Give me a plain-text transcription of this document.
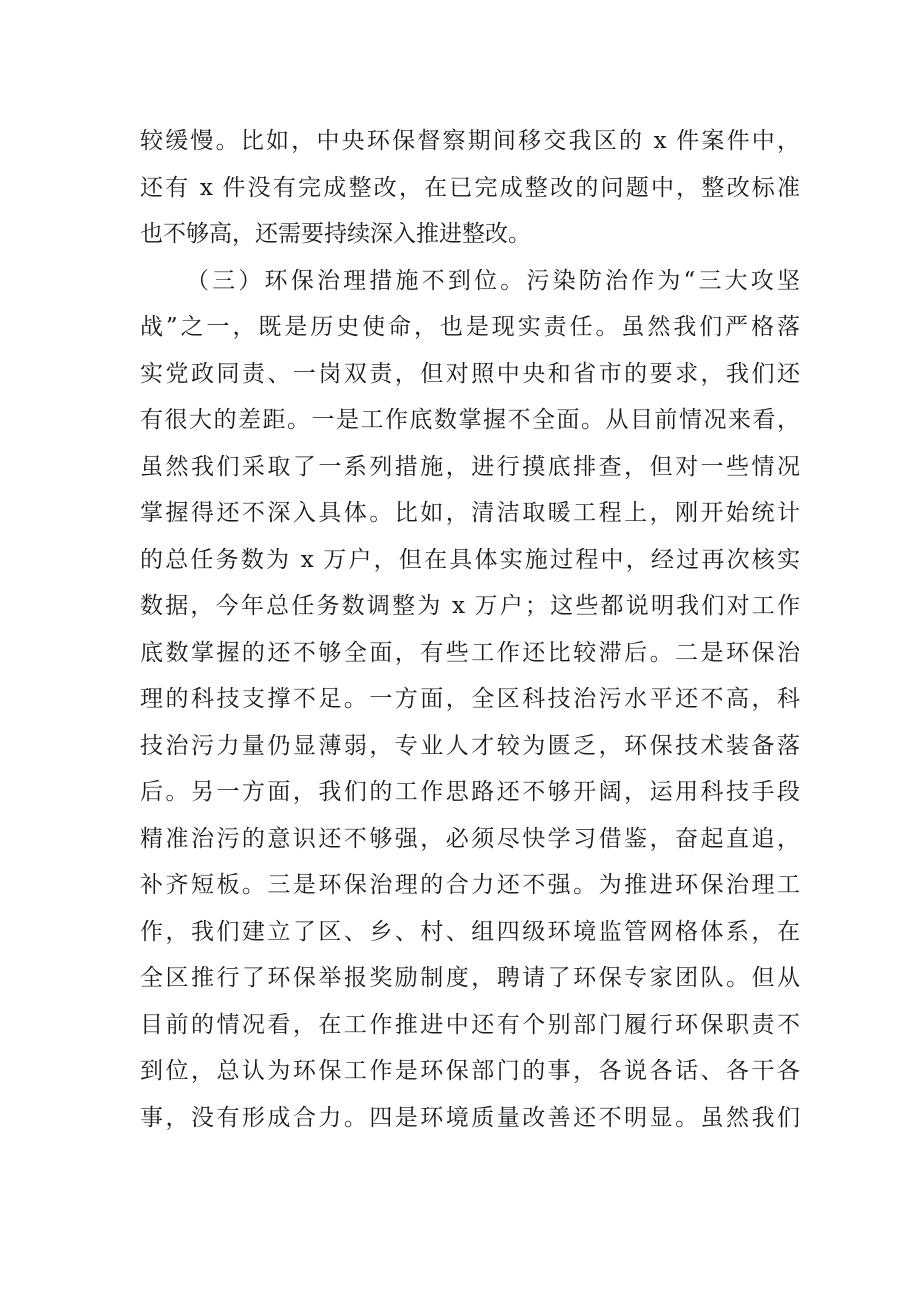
较缓慢。比如，中央环保督察期间移交我区的 x 件案件中，
还有 x 件没有完成整改，在已完成整改的问题中，整改标准
也不够高，还需要持续深入推进整改。
（三）环保治理措施不到位。污染防治作为“三大攻坚
战”之一，既是历史使命，也是现实责任。虽然我们严格落
实党政同责、一岗双责，但对照中央和省市的要求，我们还
有很大的差距。一是工作底数掌握不全面。从目前情况来看，
虽然我们采取了一系列措施，进行摸底排查，但对一些情况
掌握得还不深入具体。比如，清洁取暖工程上，刚开始统计
的总任务数为 x 万户，但在具体实施过程中，经过再次核实
数据，今年总任务数调整为 x 万户；这些都说明我们对工作
底数掌握的还不够全面，有些工作还比较滞后。二是环保治
理的科技支撑不足。一方面，全区科技治污水平还不高，科
技治污力量仍显薄弱，专业人才较为匮乏，环保技术装备落
后。另一方面，我们的工作思路还不够开阔，运用科技手段
精准治污的意识还不够强，必须尽快学习借鉴，奋起直追，
补齐短板。三是环保治理的合力还不强。为推进环保治理工
作，我们建立了区、乡、村、组四级环境监管网格体系，在
全区推行了环保举报奖励制度，聘请了环保专家团队。但从
目前的情况看，在工作推进中还有个别部门履行环保职责不
到位，总认为环保工作是环保部门的事，各说各话、各干各
事，没有形成合力。四是环境质量改善还不明显。虽然我们
